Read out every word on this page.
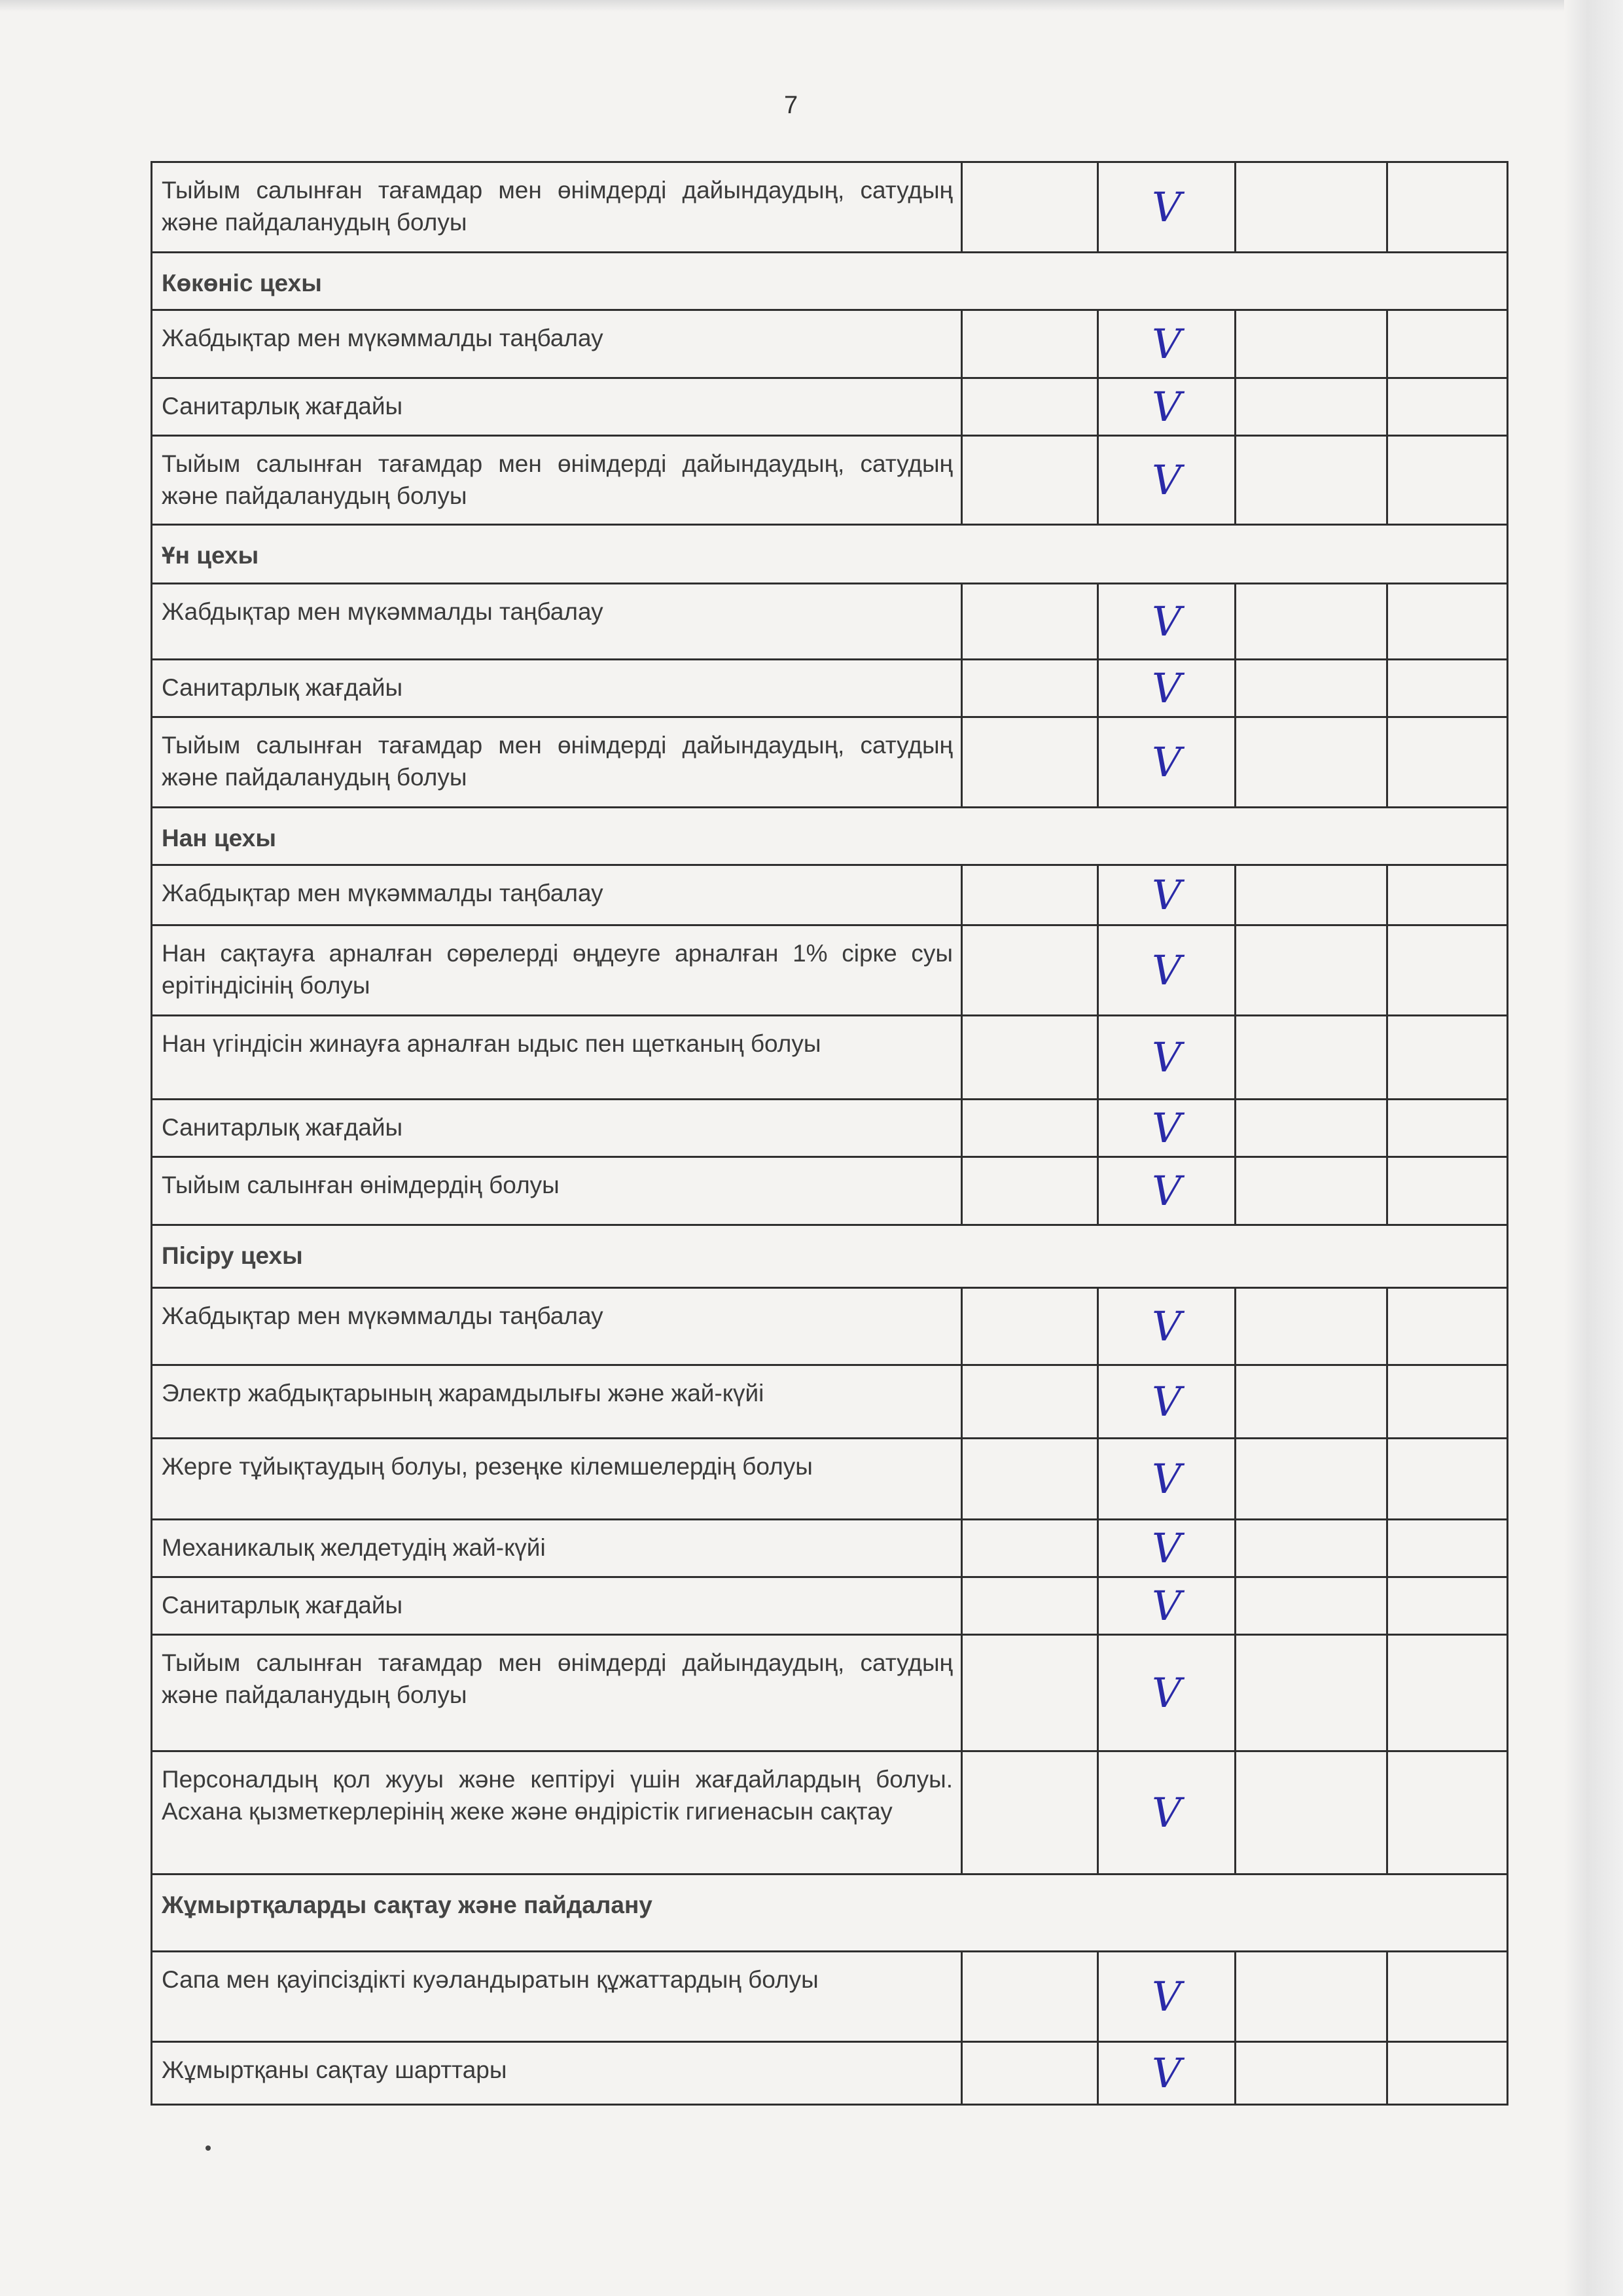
7
Тыйым салынған тағамдар мен өнімдерді дайындаудың, сатудың және пайдаланудың болуы		V		
Көкөніс цехы				
Жабдықтар мен мүкәммалды таңбалау		V		
Санитарлық жағдайы		V		
Тыйым салынған тағамдар мен өнімдерді дайындаудың, сатудың және пайдаланудың болуы		V		
Ұн цехы				
Жабдықтар мен мүкәммалды таңбалау		V		
Санитарлық жағдайы		V		
Тыйым салынған тағамдар мен өнімдерді дайындаудың, сатудың және пайдаланудың болуы		V		
Нан цехы				
Жабдықтар мен мүкәммалды таңбалау		V		
Нан сақтауға арналған сөрелерді өңдеуге арналған 1% сірке суы ерітіндісінің болуы		V		
Нан үгіндісін жинауға арналған ыдыс пен щетканың болуы		V		
Санитарлық жағдайы		V		
Тыйым салынған өнімдердің болуы		V		
Пісіру цехы				
Жабдықтар мен мүкәммалды таңбалау		V		
Электр жабдықтарының жарамдылығы және жай-күйі		V		
Жерге тұйықтаудың болуы, резеңке кілемшелердің болуы		V		
Механикалық желдетудің жай-күйі		V		
Санитарлық жағдайы		V		
Тыйым салынған тағамдар мен өнімдерді дайындаудың, сатудың және пайдаланудың болуы		V		
Персоналдың қол жууы және кептіруі үшін жағдайлардың болуы. Асхана қызметкерлерінің жеке және өндірістік гигиенасын сақтау		V		
Жұмыртқаларды сақтау және пайдалану				
Сапа мен қауіпсіздікті куәландыратын құжаттардың болуы		V		
Жұмыртқаны сақтау шарттары		V		
